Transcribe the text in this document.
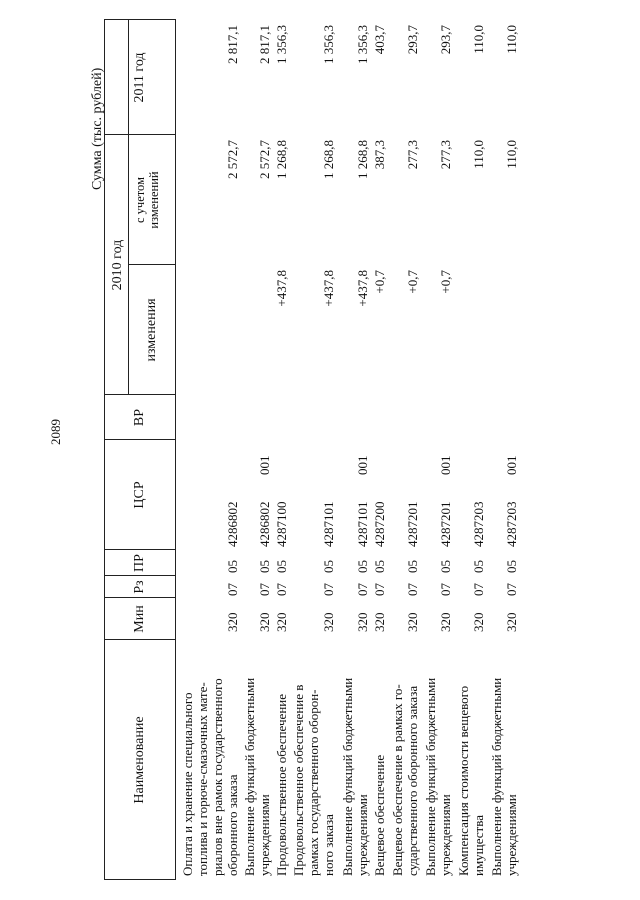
2089
Сумма (тыс. рублей)
Наименование
Мин
Рз
ПР
ЦСР
ВР
2010 год
изменения
с учетом изменений
2011 год
Оплата и хранение специального топлива и горюче-смазочных мате- риалов вне рамок государственного оборонного заказа
320
07
05
4286802
2 572,7
2 817,1
Выполнение функций бюджетными учреждениями
320
07
05
4286802
001
2 572,7
2 817,1
Продовольственное обеспечение
320
07
05
4287100
+437,8
1 268,8
1 356,3
Продовольственное обеспечение в рамках государственного оборон- ного заказа
320
07
05
4287101
+437,8
1 268,8
1 356,3
Выполнение функций бюджетными учреждениями
320
07
05
4287101
001
+437,8
1 268,8
1 356,3
Вещевое обеспечение
320
07
05
4287200
+0,7
387,3
403,7
Вещевое обеспечение в рамках го- сударственного оборонного заказа
320
07
05
4287201
+0,7
277,3
293,7
Выполнение функций бюджетными учреждениями
320
07
05
4287201
001
+0,7
277,3
293,7
Компенсация стоимости вещевого имущества
320
07
05
4287203
110,0
110,0
Выполнение функций бюджетными учреждениями
320
07
05
4287203
001
110,0
110,0
